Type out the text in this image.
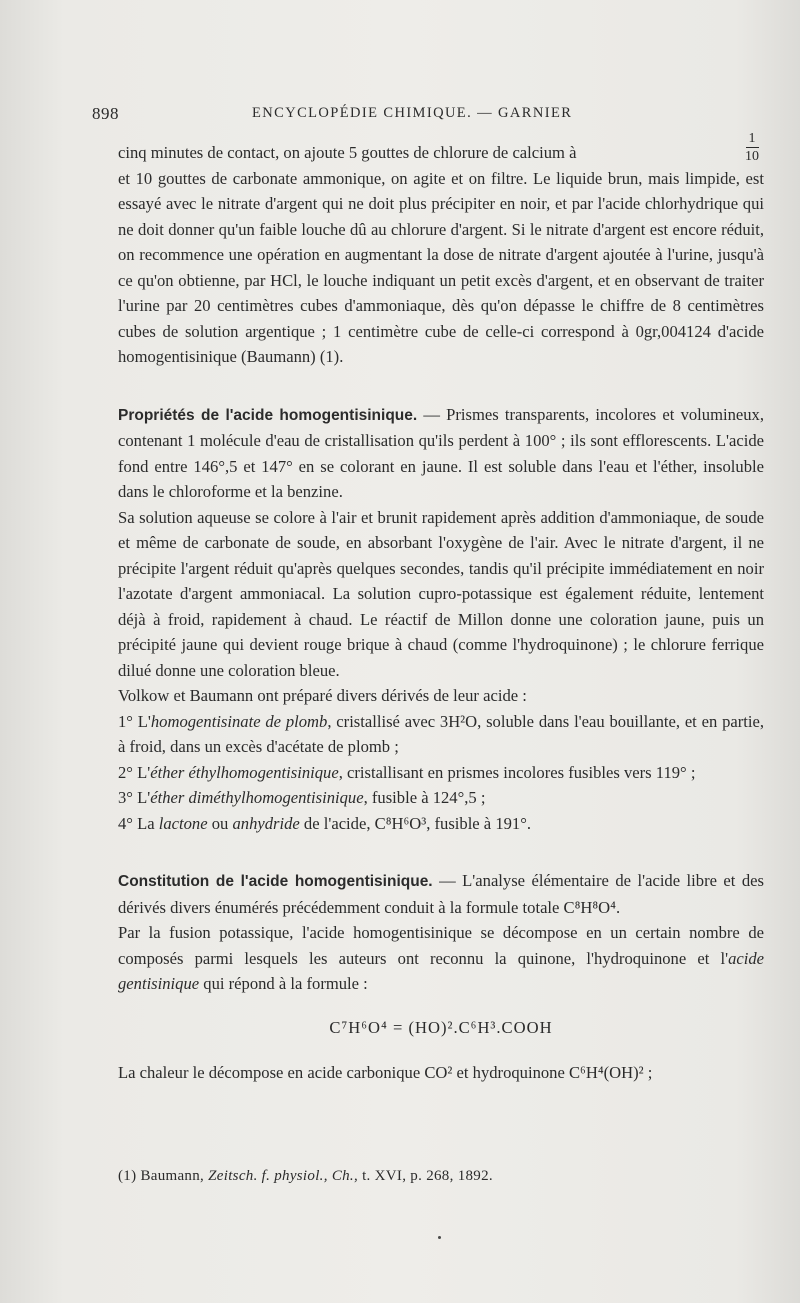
898	ENCYCLOPÉDIE CHIMIQUE. — GARNIER

cinq minutes de contact, on ajoute 5 gouttes de chlorure de calcium à	$\frac{1}{10}$

et 10 gouttes de carbonate ammonique, on agite et on filtre. Le liquide brun, mais limpide, est essayé avec le nitrate d'argent qui ne doit plus précipiter en noir, et par l'acide chlorhydrique qui ne doit donner qu'un faible louche dû au chlorure d'argent. Si le nitrate d'argent est encore réduit, on recommence une opération en augmentant la dose de nitrate d'argent ajoutée à l'urine, jusqu'à ce qu'on obtienne, par HCl, le louche indiquant un petit excès d'argent, et en observant de traiter l'urine par 20 centimètres cubes d'ammoniaque, dès qu'on dépasse le chiffre de 8 centimètres cubes de solution argentique ; 1 centimètre cube de celle-ci correspond à 0gr,004124 d'acide homogentisinique (Baumann) (1).

Propriétés de l'acide homogentisinique. — Prismes transparents, incolores et volumineux, contenant 1 molécule d'eau de cristallisation qu'ils perdent à 100° ; ils sont efflorescents. L'acide fond entre 146°,5 et 147° en se colorant en jaune. Il est soluble dans l'eau et l'éther, insoluble dans le chloroforme et la benzine.

Sa solution aqueuse se colore à l'air et brunit rapidement après addition d'ammoniaque, de soude et même de carbonate de soude, en absorbant l'oxygène de l'air. Avec le nitrate d'argent, il ne précipite l'argent réduit qu'après quelques secondes, tandis qu'il précipite immédiatement en noir l'azotate d'argent ammoniacal. La solution cupro-potassique est également réduite, lentement déjà à froid, rapidement à chaud. Le réactif de Millon donne une coloration jaune, puis un précipité jaune qui devient rouge brique à chaud (comme l'hydroquinone) ; le chlorure ferrique dilué donne une coloration bleue.

Volkow et Baumann ont préparé divers dérivés de leur acide :

1° L'homogentisinate de plomb, cristallisé avec 3H²O, soluble dans l'eau bouillante, et en partie, à froid, dans un excès d'acétate de plomb ;

2° L'éther éthylhomogentisinique, cristallisant en prismes incolores fusibles vers 119° ;

3° L'éther diméthylhomogentisinique, fusible à 124°,5 ;

4° La lactone ou anhydride de l'acide, C⁸H⁶O³, fusible à 191°.

Constitution de l'acide homogentisinique. — L'analyse élémentaire de l'acide libre et des dérivés divers énumérés précédemment conduit à la formule totale C⁸H⁸O⁴.

Par la fusion potassique, l'acide homogentisinique se décompose en un certain nombre de composés parmi lesquels les auteurs ont reconnu la quinone, l'hydroquinone et l'acide gentisinique qui répond à la formule :

C⁷H⁶O⁴ = (HO)².C⁶H³.COOH

La chaleur le décompose en acide carbonique CO² et hydroquinone C⁶H⁴(OH)² ;

(1) Baumann, Zeitsch. f. physiol., Ch., t. XVI, p. 268, 1892.
